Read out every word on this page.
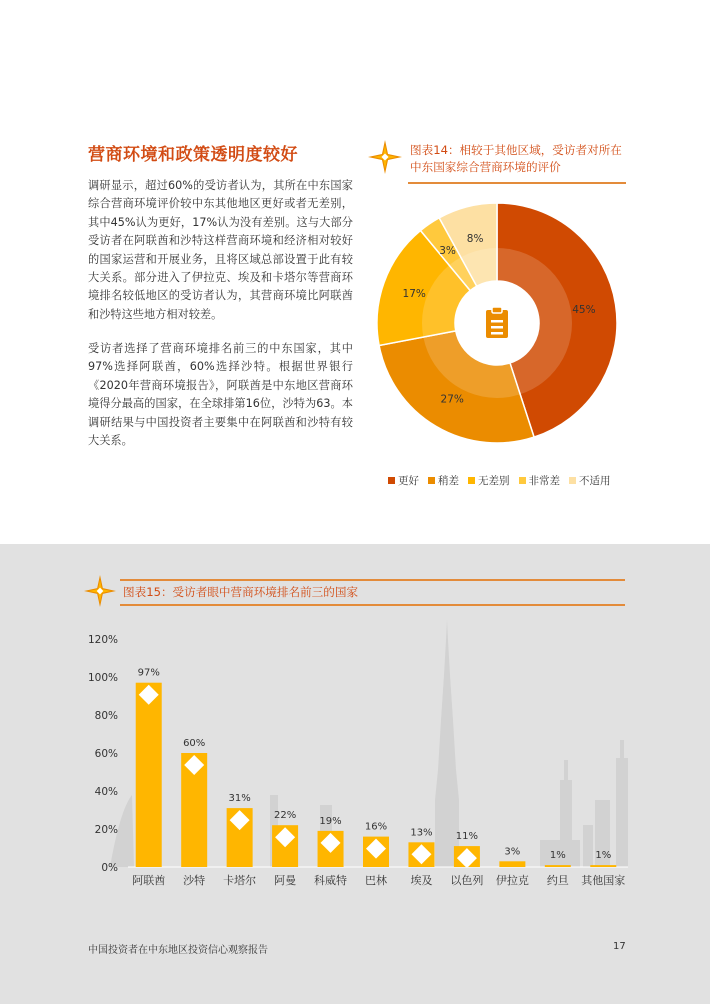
营商环境和政策透明度较好

调研显示，超过60%的受访者认为，其所在中东国家综合营商环境评价较中东其他地区更好或者无差别，其中45%认为更好，17%认为没有差别。这与大部分受访者在阿联酋和沙特这样营商环境和经济相对较好的国家运营和开展业务，且将区域总部设置于此有较大关系。部分进入了伊拉克、埃及和卡塔尔等营商环境排名较低地区的受访者认为，其营商环境比阿联酋和沙特这些地方相对较差。

受访者选择了营商环境排名前三的中东国家，其中97%选择阿联酋，60%选择沙特。根据世界银行《2020年营商环境报告》，阿联酋是中东地区营商环境得分最高的国家，在全球排第16位，沙特为63。本调研结果与中国投资者主要集中在阿联酋和沙特有较大关系。

图表14：相较于其他区域，受访者对所在中东国家综合营商环境的评价
45%
27%
17%
3%
8%
更好 稍差 无差别 非常差 不适用
图表15：受访者眼中营商环境排名前三的国家
0%
20%
40%
60%
80%
100%
120%
97%
阿联酋
60%
沙特
31%
卡塔尔
22%
阿曼
19%
科威特
16%
巴林
13%
埃及
11%
以色列
3%
伊拉克
1%
约旦
1%
其他国家
中国投资者在中东地区投资信心观察报告	17
